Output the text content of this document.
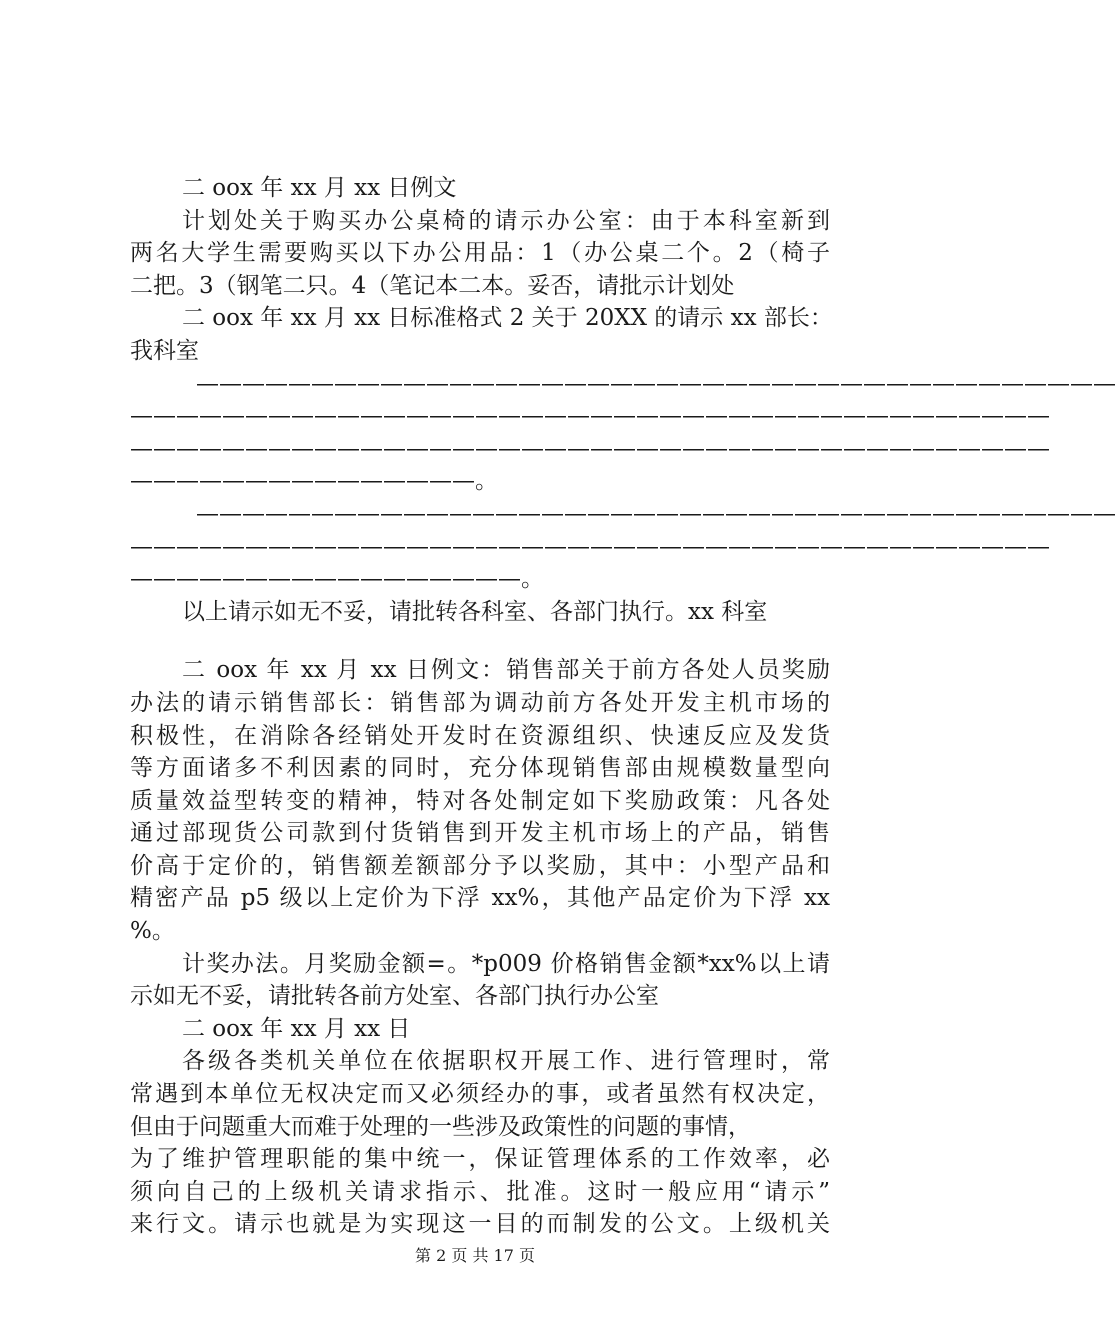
二 oox 年 xx 月 xx 日例文
计划处关于购买办公桌椅的请示办公室：由于本科室新到
两名大学生需要购买以下办公用品：1（办公桌二个。2（椅子
二把。3（钢笔二只。4（笔记本二本。妥否，请批示计划处
二 oox 年 xx 月 xx 日标准格式 2 关于 20XX 的请示 xx 部长：
我科室
————————————————————————————————————————
————————————————————————————————————————
————————————————————————————————————————
———————————————。
————————————————————————————————————————
————————————————————————————————————————
—————————————————。
以上请示如无不妥，请批转各科室、各部门执行。xx 科室
二 oox 年 xx 月 xx 日例文：销售部关于前方各处人员奖励
办法的请示销售部长：销售部为调动前方各处开发主机市场的
积极性，在消除各经销处开发时在资源组织、快速反应及发货
等方面诸多不利因素的同时，充分体现销售部由规模数量型向
质量效益型转变的精神，特对各处制定如下奖励政策：凡各处
通过部现货公司款到付货销售到开发主机市场上的产品，销售
价高于定价的，销售额差额部分予以奖励，其中：小型产品和
精密产品 p5 级以上定价为下浮 xx%，其他产品定价为下浮 xx
%。
计奖办法。月奖励金额=。*p009 价格销售金额*xx%以上请
示如无不妥，请批转各前方处室、各部门执行办公室
二 oox 年 xx 月 xx 日
各级各类机关单位在依据职权开展工作、进行管理时，常
常遇到本单位无权决定而又必须经办的事，或者虽然有权决定，
但由于问题重大而难于处理的一些涉及政策性的问题的事情，
为了维护管理职能的集中统一，保证管理体系的工作效率，必
须向自己的上级机关请求指示、批准。这时一般应用“请示”
来行文。请示也就是为实现这一目的而制发的公文。上级机关
第 2 页 共 17 页
